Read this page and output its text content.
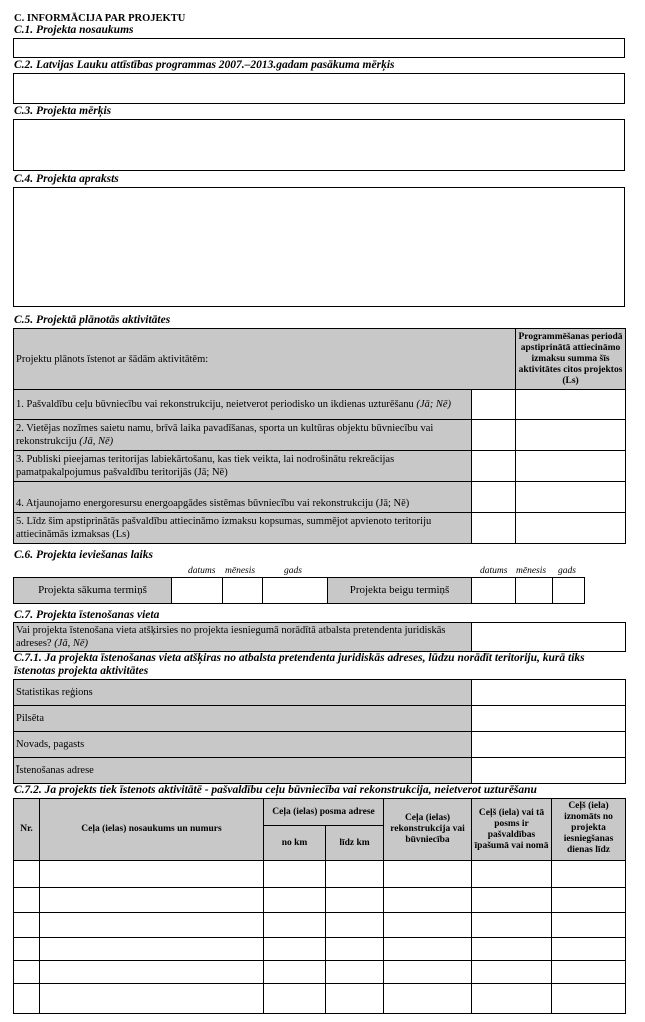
C. INFORMĀCIJA PAR PROJEKTU
C.1. Projekta nosaukums
C.2. Latvijas Lauku attīstības programmas 2007.–2013.gadam pasākuma mērķis
C.3. Projekta mērķis
C.4. Projekta apraksts
C.5. Projektā plānotās aktivitātes
Projektu plānots īstenot ar šādām aktivitātēm:		Programmēšanas periodā apstiprinātā attiecināmo izmaksu summa šīs aktivitātes citos projektos (Ls)
1. Pašvaldību ceļu būvniecību vai rekonstrukciju, neietverot periodisko un ikdienas uzturēšanu (Jā; Nē)		
2. Vietējas nozīmes saietu namu, brīvā laika pavadīšanas, sporta un kultūras objektu būvniecību vai rekonstrukciju (Jā, Nē)		
3. Publiski pieejamas teritorijas labiekārtošanu, kas tiek veikta, lai nodrošinātu rekreācijas pamatpakalpojumus pašvaldību teritorijās (Jā; Nē)		
4. Atjaunojamo energoresursu energoapgādes sistēmas būvniecību vai rekonstrukciju (Jā; Nē)		
5. Līdz šim apstiprinātās pašvaldību attiecināmo izmaksu kopsumas, summējot apvienoto teritoriju attiecināmās izmaksas (Ls)		
C.6. Projekta ieviešanas laiks
datums mēnesis	gads	datums mēnesis gads
Projekta sākuma termiņš				Projekta beigu termiņš			
C.7. Projekta īstenošanas vieta
Vai projekta īstenošana vieta atšķirsies no projekta iesniegumā norādītā atbalsta pretendenta juridiskās adreses? (Jā, Nē)	
C.7.1. Ja projekta īstenošanas vieta atšķiras no atbalsta pretendenta juridiskās adreses, lūdzu norādīt teritoriju, kurā tiks īstenotas projekta aktivitātes
Statistikas reģions	
Pilsēta	
Novads, pagasts	
Īstenošanas adrese	
C.7.2. Ja projekts tiek īstenots aktivitātē - pašvaldību ceļu būvniecība vai rekonstrukcija, neietverot uzturēšanu
Nr.	Ceļa (ielas) nosaukums un numurs	Ceļa (ielas) posma adrese		Ceļa (ielas) rekonstrukcija vai būvniecība	Ceļš (iela) vai tā posms ir pašvaldības īpašumā vai nomā	Ceļš (iela) iznomāts no projekta iesniegšanas dienas līdz
		no km	līdz km			
